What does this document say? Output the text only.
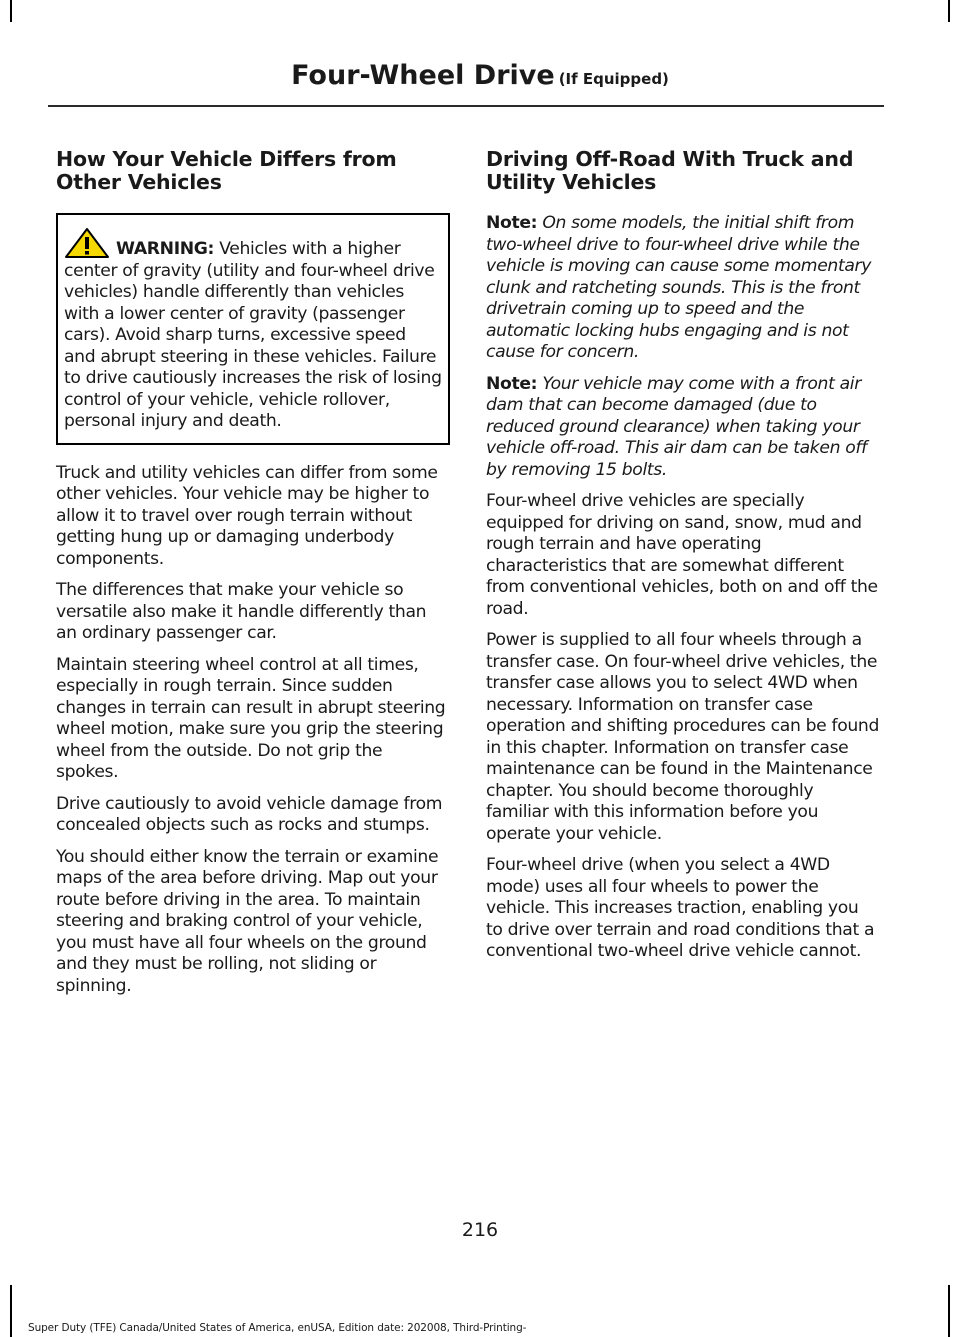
Four-Wheel Drive (If Equipped)
How Your Vehicle Differs from Other Vehicles

WARNING: Vehicles with a higher center of gravity (utility and four-wheel drive vehicles) handle differently than vehicles with a lower center of gravity (passenger cars). Avoid sharp turns, excessive speed and abrupt steering in these vehicles. Failure to drive cautiously increases the risk of losing control of your vehicle, vehicle rollover, personal injury and death.

Truck and utility vehicles can differ from some other vehicles. Your vehicle may be higher to allow it to travel over rough terrain without getting hung up or damaging underbody components.

The differences that make your vehicle so versatile also make it handle differently than an ordinary passenger car.

Maintain steering wheel control at all times, especially in rough terrain. Since sudden changes in terrain can result in abrupt steering wheel motion, make sure you grip the steering wheel from the outside. Do not grip the spokes.

Drive cautiously to avoid vehicle damage from concealed objects such as rocks and stumps.

You should either know the terrain or examine maps of the area before driving. Map out your route before driving in the area. To maintain steering and braking control of your vehicle, you must have all four wheels on the ground and they must be rolling, not sliding or spinning.

Driving Off-Road With Truck and Utility Vehicles

Note: On some models, the initial shift from two-wheel drive to four-wheel drive while the vehicle is moving can cause some momentary clunk and ratcheting sounds. This is the front drivetrain coming up to speed and the automatic locking hubs engaging and is not cause for concern.

Note: Your vehicle may come with a front air dam that can become damaged (due to reduced ground clearance) when taking your vehicle off-road. This air dam can be taken off by removing 15 bolts.

Four-wheel drive vehicles are specially equipped for driving on sand, snow, mud and rough terrain and have operating characteristics that are somewhat different from conventional vehicles, both on and off the road.

Power is supplied to all four wheels through a transfer case. On four-wheel drive vehicles, the transfer case allows you to select 4WD when necessary. Information on transfer case operation and shifting procedures can be found in this chapter. Information on transfer case maintenance can be found in the Maintenance chapter. You should become thoroughly familiar with this information before you operate your vehicle.

Four-wheel drive (when you select a 4WD mode) uses all four wheels to power the vehicle. This increases traction, enabling you to drive over terrain and road conditions that a conventional two-wheel drive vehicle cannot.

216
Super Duty (TFE) Canada/United States of America, enUSA, Edition date: 202008, Third-Printing-
